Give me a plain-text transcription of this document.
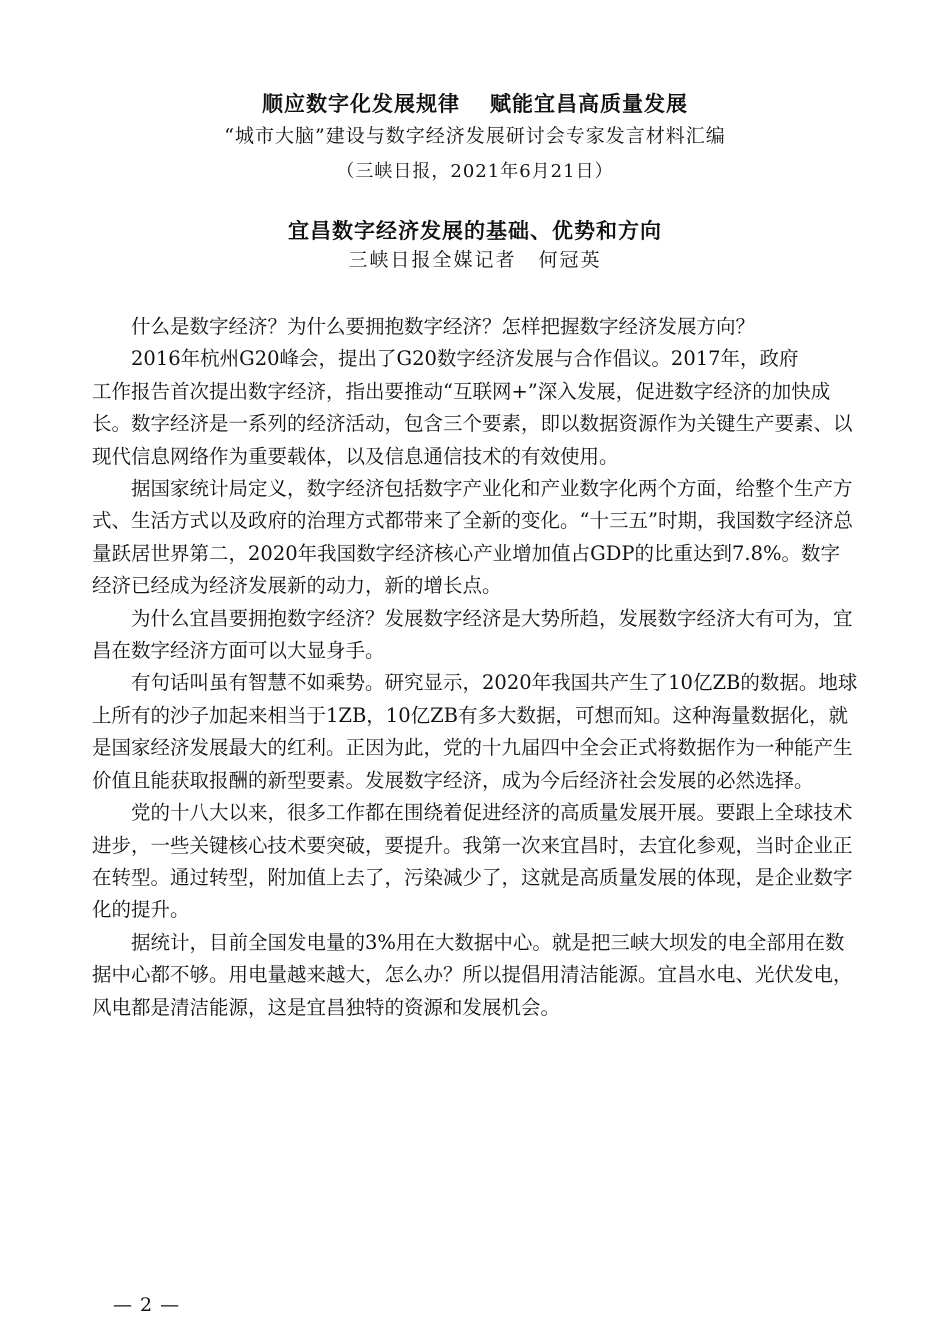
顺应数字化发展规律 赋能宜昌高质量发展
“城市大脑”建设与数字经济发展研讨会专家发言材料汇编
（三峡日报，2021年6月21日）
宜昌数字经济发展的基础、优势和方向
三峡日报全媒记者 何冠英

什么是数字经济？为什么要拥抱数字经济？怎样把握数字经济发展方向？

2016年杭州G20峰会，提出了G20数字经济发展与合作倡议。2017年，政府

工作报告首次提出数字经济，指出要推动“互联网+”深入发展，促进数字经济的加快成长。数字经济是一系列的经济活动，包含三个要素，即以数据资源作为关键生产要素、以现代信息网络作为重要载体，以及信息通信技术的有效使用。

据国家统计局定义，数字经济包括数字产业化和产业数字化两个方面，给整个生产方式、生活方式以及政府的治理方式都带来了全新的变化。“十三五”时期，我国数字经济总量跃居世界第二，2020年我国数字经济核心产业增加值占GDP的比重达到7.8%。数字经济已经成为经济发展新的动力，新的增长点。

为什么宜昌要拥抱数字经济？发展数字经济是大势所趋，发展数字经济大有可为，宜昌在数字经济方面可以大显身手。

有句话叫虽有智慧不如乘势。研究显示，2020年我国共产生了10亿ZB的数据。地球上所有的沙子加起来相当于1ZB，10亿ZB有多大数据，可想而知。这种海量数据化，就是国家经济发展最大的红利。正因为此，党的十九届四中全会正式将数据作为一种能产生价值且能获取报酬的新型要素。发展数字经济，成为今后经济社会发展的必然选择。

党的十八大以来，很多工作都在围绕着促进经济的高质量发展开展。要跟上全球技术进步，一些关键核心技术要突破，要提升。我第一次来宜昌时，去宜化参观，当时企业正在转型。通过转型，附加值上去了，污染减少了，这就是高质量发展的体现，是企业数字化的提升。

据统计，目前全国发电量的3%用在大数据中心。就是把三峡大坝发的电全部用在数据中心都不够。用电量越来越大，怎么办？所以提倡用清洁能源。宜昌水电、光伏发电，风电都是清洁能源，这是宜昌独特的资源和发展机会。

— 2 —
